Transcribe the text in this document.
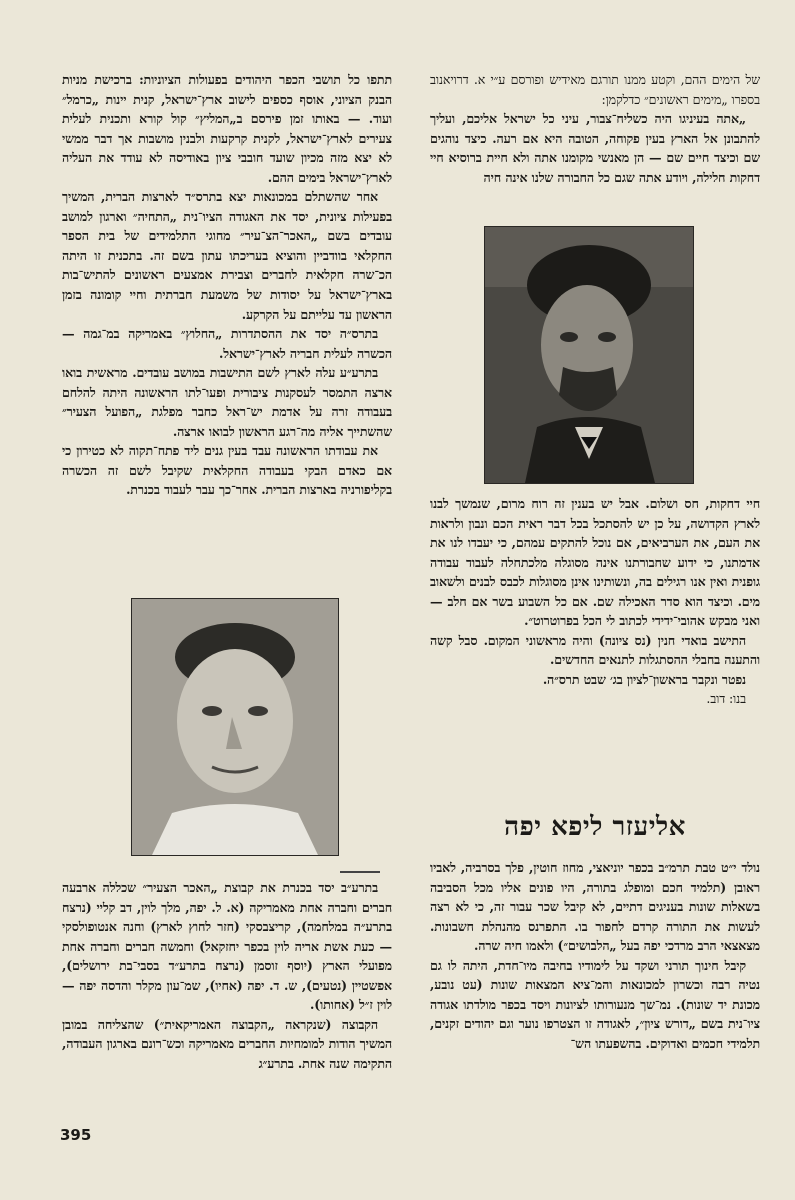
של הימים ההם, וקטע ממנו תורגם מאידיש ופורסם ע״י א. דרויאנוב בספרו „מימים ראשונים״ כדלקמן:

„אתה בעיניגו היה כשליח־צבור, עיני כל ישראל אליכם, ועליך להתבונן אל הארץ בעין פקוחה, הטובה היא אם רעה. כיצד נוהגים שם וכיצד חיים שם — הן מאנשי מקומנו אתה ולא חיית ברוסיא חיי דחקות חלילה, ויודע אתה שגם כל החבורה שלנו אינה חיה

חיי דחקות, חס ושלום. אבל יש בענין זה רוח מרום, שנמשך לבנו לארץ הקדושה, על כן יש להסתכל בכל דבר ראית הכם ונבון ולראות את העם, את הערביאים, אם נוכל להתקים עמהם, כי יעבדו לנו את אדמתנו, כי ידוע שחבורתנו אינה מסוגלה מלכתחלה לעבוד עבודה גופנית ואין אנו רגילים בה, ונשותינו אינן מסוגלות לכבס לבנים ולשאוב מים. וכיצד הוא סדר האכילה שם. אם כל השבוע בשר אם חלב — ואני מבקש אהובי־ידידי לכתוב לי הכל בפרוטרוט״.

התישב בואדי חנין (נס ציונה) והיה מראשוני המקום. סבל קשה והתענה בחבלי ההסתגלות לתנאים החדשים.

נפטר ונקבר בראשון־לציון בג׳ שבט תרס״ה.

בנו: דוב.

אליעזר ליפא יפה

נולד י״ט טבת תרמ״ב בכפר יוניאצי, מחוז חוטין, פלך בסרביה, לאביו ראובן (תלמיד חכם ומופלג בתורה, היו פונים אליו מכל הסביבה בשאלות שונות בעניגים דתיים, לא קיבל שכר עבור זה, כי לא רצה לעשות את התורה קרדם לחפור בו. התפרנס מהנהלת חשבונות. מצאצאי הרב מרדכי יפה בעל „הלבושים״) ולאמו חיה שרה.

קיבל חינוך תורני ושקד על לימודיו בחיבה מיו־חדת, היתה לו גם נטיה רבה וכשרון למכונאות והמ־ציא המצאות שונות (עט נובע, מכונת יד שונות). נמ־שך מנעורותו לציונות ויסד בכפר מולדתו אגודה ציו־נית בשם „דורש ציון״, לאגודה זו הצטרפו נוער וגם יהודים זקנים, תלמידי חכמים ואדוקים. בהשפעתו הש־

תתפו כל תושבי הכפר היהודים בפעולות הציוניות: ברכישת מניות הבנק הציוני, אוסף כספים לישוב ארץ־ישראל, קנית יינות „כרמל״ ועוד. — באותו זמן פירסם ב„המליץ״ קול קורא ותכנית לעלית צעירים לארץ־ישראל, לקנית קרקעות ולבנין מושבות אך דבר ממשי לא יצא מזה מכיון שועד חובבי ציון באודיסה לא עודד את העליה לארץ־ישראל בימים ההם.

אחר שהשתלם במכונאות יצא בתרס״ד לארצות הברית, המשיך בפעילות ציונית, יסד את האגודה הציו־נית „התחיה״ וארגון למושב עובדים בשם „האכר־הצ־עיר״ מחוגי התלמידים של בית הספר החקלאי בוודביין והוציא בעריכתו עתון בשם זה. בתכנית זו היתה הכ־שרה חקלאית לחברים וצבירת אמצעים ראשונים להתיש־בות בארץ־ישראל על יסודות של משמעת חברתית וחיי קומונה בזמן הראשון עד עלייתם על הקרקע.

בתרס״ה יסד את ההסתדרות „החלוץ״ באמריקה במ־גמה — הכשרה לעלית חבריה לארץ־ישראל.

בתרע״ע עלה לארץ לשם התישבות במושב עובדים. מראשית בואו ארצה התמסר לעסקנות ציבורית ופעו־לתו הראשונה היתה להלחם בעבודה זרה על אדמת יש־ראל כחבר מפלגת „הפועל הצעיר״ שהשתייך אליה מה־רגע הראשון לבואו ארצה.

את עבודתו הראשונה עבד בעין גנים ליד פתח־תקוה לא כטירון כי אם כאדם הבקי בעבודה החקלאית שקיבל לשם זה הכשרה בקליפורניה בארצות הברית. אחר־כך עבר לעבוד בכנרת.

בתרע״ב יסד בכנרת את קבוצת „האכר הצעיר״ שכללה ארבעה חברים וחברה אחת מאמריקה (א. ל. יפה, מלך לוין, דב קליי (נרצח בתרע״ה במלחמה), קריצבסקי (חזר לחוץ לארץ) וחנה אנטופולסקי — כעת אשת אריה לוין בכפר יחזקאל) וחמשה חברים וחברה אחת מפועלי הארץ (יוסף זוסמן (נרצח בתרע״ד בסבי־בת ירושלים), אפשטיין (נטעים), ש. ד. יפה (אחיו), שמ־עון מקלר והדסה יפה — לוין ז״ל (אחותו).

הקבוצה (שנקראה „הקבוצה האמריקאית״) שהצליחה במובן המשיך הודות למומחיות החברים מאמריקה וכש־רונם בארגון העבודה, התקימה שנה אחת. בתרע״ג

395
